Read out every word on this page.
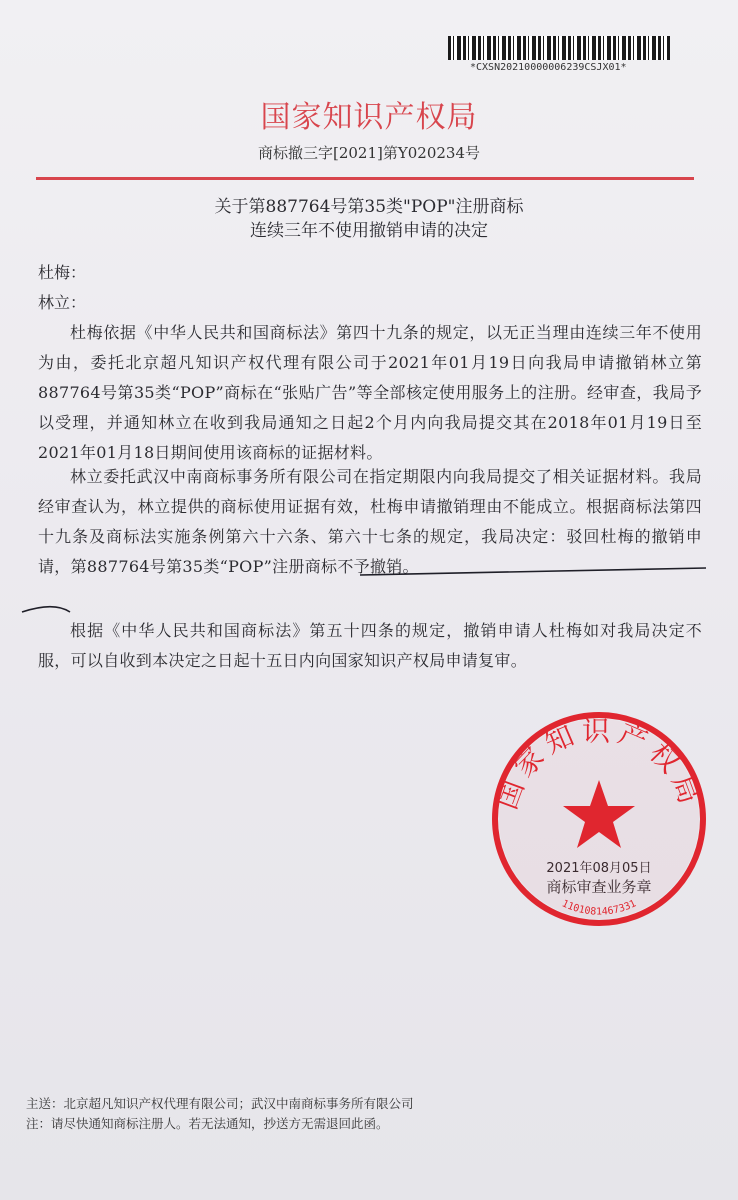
*CXSN20210000006239CSJX01*
国家知识产权局
商标撤三字[2021]第Y020234号
关于第887764号第35类"POP"注册商标
连续三年不使用撤销申请的决定
杜梅：
林立：
杜梅依据《中华人民共和国商标法》第四十九条的规定，以无正当理由连续三年不使用为由，委托北京超凡知识产权代理有限公司于2021年01月19日向我局申请撤销林立第887764号第35类“POP”商标在“张贴广告”等全部核定使用服务上的注册。经审查，我局予以受理，并通知林立在收到我局通知之日起2个月内向我局提交其在2018年01月19日至2021年01月18日期间使用该商标的证据材料。
林立委托武汉中南商标事务所有限公司在指定期限内向我局提交了相关证据材料。我局经审查认为，林立提供的商标使用证据有效，杜梅申请撤销理由不能成立。根据商标法第四十九条及商标法实施条例第六十六条、第六十七条的规定，我局决定：驳回杜梅的撤销申请，第887764号第35类“POP”注册商标不予撤销。
根据《中华人民共和国商标法》第五十四条的规定，撤销申请人杜梅如对我局决定不服，可以自收到本决定之日起十五日内向国家知识产权局申请复审。
国家知识产权局
2021年08月05日
商标审查业务章
1101081467331
主送：北京超凡知识产权代理有限公司；武汉中南商标事务所有限公司
注：请尽快通知商标注册人。若无法通知，抄送方无需退回此函。
